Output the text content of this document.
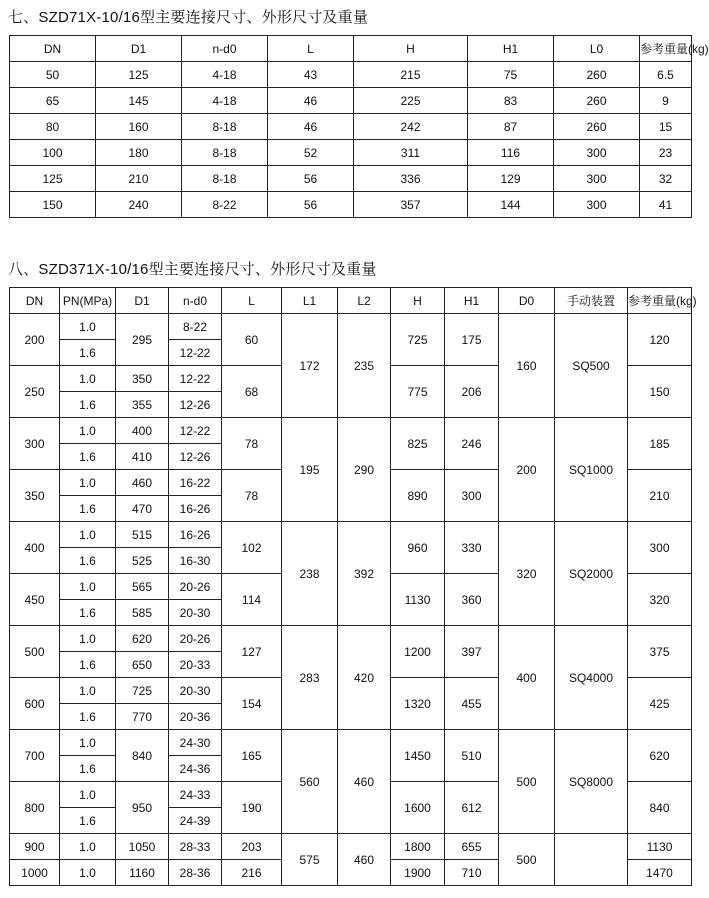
七、SZD71X-10/16型主要连接尺寸、外形尺寸及重量
DN	D1	n-d0	L	H	H1	L0	参考重量(kg)
50	125	4-18	43	215	75	260	6.5
65	145	4-18	46	225	83	260	9
80	160	8-18	46	242	87	260	15
100	180	8-18	52	311	116	300	23
125	210	8-18	56	336	129	300	32
150	240	8-22	56	357	144	300	41
八、SZD371X-10/16型主要连接尺寸、外形尺寸及重量
DN	PN(MPa)	D1	n-d0	L	L1	L2	H	H1	D0	手动装置	参考重量(kg)
200	1.0	295	8-22	60	172	235	725	175	160	SQ500	120
	1.6		12-22								
250	1.0	350	12-22	68			775	206			150
	1.6	355	12-26								
300	1.0	400	12-22	78	195	290	825	246	200	SQ1000	185
	1.6	410	12-26								
350	1.0	460	16-22	78			890	300			210
	1.6	470	16-26								
400	1.0	515	16-26	102	238	392	960	330	320	SQ2000	300
	1.6	525	16-30								
450	1.0	565	20-26	114			1130	360			320
	1.6	585	20-30								
500	1.0	620	20-26	127	283	420	1200	397	400	SQ4000	375
	1.6	650	20-33								
600	1.0	725	20-30	154			1320	455			425
	1.6	770	20-36								
700	1.0	840	24-30	165	560	460	1450	510	500	SQ8000	620
	1.6		24-36								
800	1.0	950	24-33	190			1600	612			840
	1.6		24-39								
900	1.0	1050	28-33	203	575	460	1800	655	500		1130
1000	1.0	1160	28-36	216			1900	710			1470
